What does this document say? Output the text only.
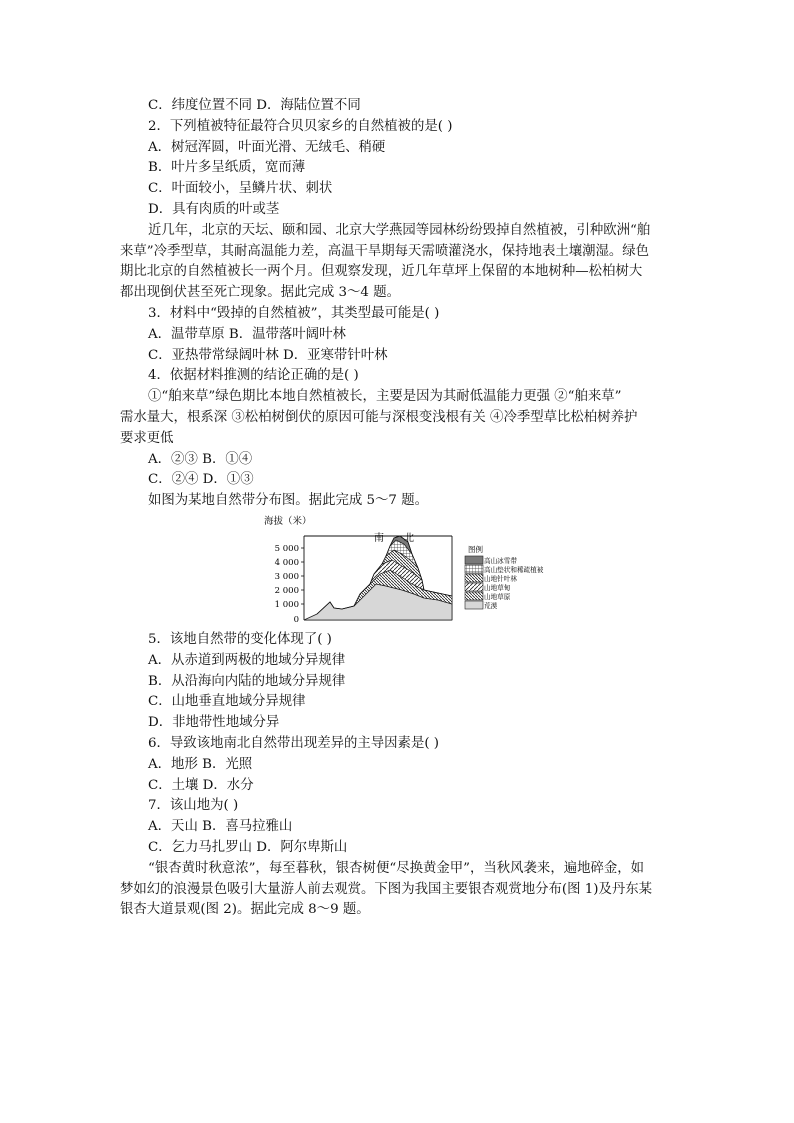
C．纬度位置不同 D．海陆位置不同
2．下列植被特征最符合贝贝家乡的自然植被的是( )
A．树冠浑圆，叶面光滑、无绒毛、稍硬
B．叶片多呈纸质，宽而薄
C．叶面较小，呈鳞片状、刺状
D．具有肉质的叶或茎
近几年，北京的天坛、颐和园、北京大学燕园等园林纷纷毁掉自然植被，引种欧洲“舶
来草”冷季型草，其耐高温能力差，高温干旱期每天需喷灌浇水，保持地表土壤潮湿。绿色
期比北京的自然植被长一两个月。但观察发现，近几年草坪上保留的本地树种—松柏树大
都出现倒伏甚至死亡现象。据此完成 3～4 题。
3．材料中“毁掉的自然植被”，其类型最可能是( )
A．温带草原 B．温带落叶阔叶林
C．亚热带常绿阔叶林 D．亚寒带针叶林
4．依据材料推测的结论正确的是( )
①“舶来草”绿色期比本地自然植被长，主要是因为其耐低温能力更强 ②“舶来草”
需水量大，根系深 ③松柏树倒伏的原因可能与深根变浅根有关 ④冷季型草比松柏树养护
要求更低
A．②③ B．①④
C．②④ D．①③
如图为某地自然带分布图。据此完成 5～7 题。
海拔（米）
5 000
4 000
3 000
2 000
1 000
0
南 北
图例
高山冰雪带
高山垫状和稀疏植被
山地针叶林
山地草甸
山地草原
荒漠
5．该地自然带的变化体现了( )
A．从赤道到两极的地域分异规律
B．从沿海向内陆的地域分异规律
C．山地垂直地域分异规律
D．非地带性地域分异
6．导致该地南北自然带出现差异的主导因素是( )
A．地形 B．光照
C．土壤 D．水分
7．该山地为( )
A．天山 B．喜马拉雅山
C．乞力马扎罗山 D．阿尔卑斯山
“银杏黄时秋意浓”，每至暮秋，银杏树便“尽换黄金甲”，当秋风袭来，遍地碎金，如
梦如幻的浪漫景色吸引大量游人前去观赏。下图为我国主要银杏观赏地分布(图 1)及丹东某
银杏大道景观(图 2)。据此完成 8～9 题。
